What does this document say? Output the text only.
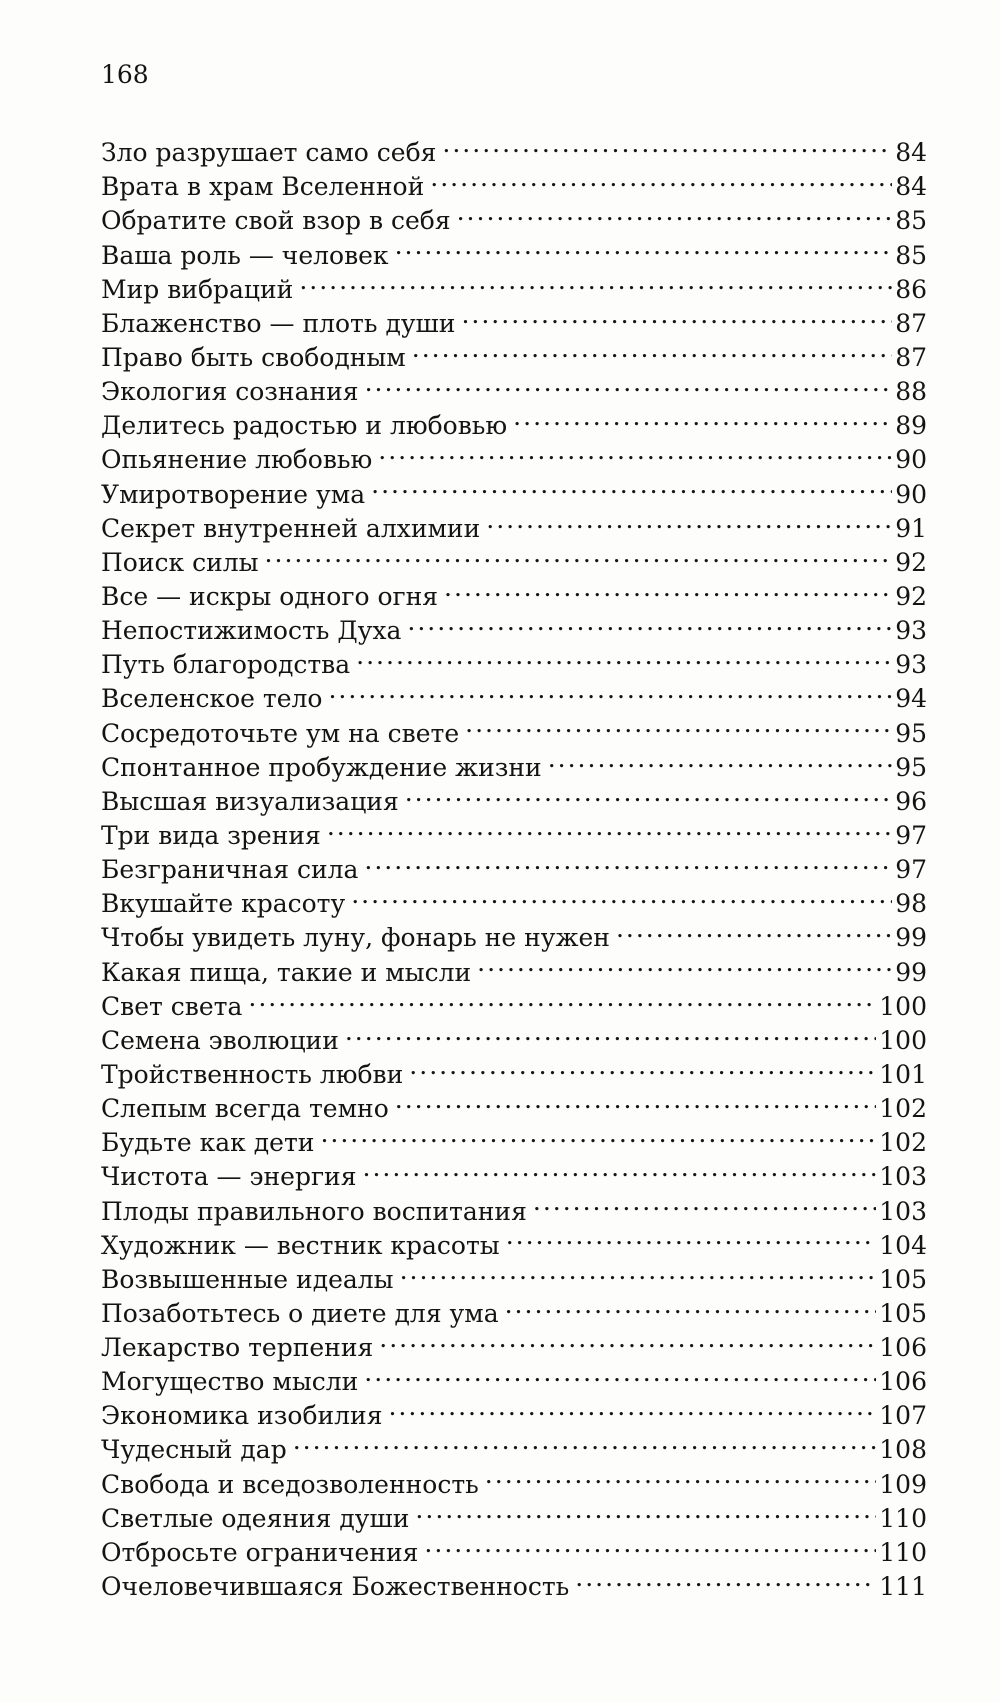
168
Зло разрушает само себя .....	84
Врата в храм Вселенной .....	84
Обратите свой взор в себя .....	85
Ваша роль — человек .....	85
Мир вибраций .....	86
Блаженство — плоть души .....	87
Право быть свободным .....	87
Экология сознания .....	88
Делитесь радостью и любовью .....	89
Опьянение любовью .....	90
Умиротворение ума .....	90
Секрет внутренней алхимии .....	91
Поиск силы .....	92
Все — искры одного огня .....	92
Непостижимость Духа .....	93
Путь благородства .....	93
Вселенское тело .....	94
Сосредоточьте ум на свете .....	95
Спонтанное пробуждение жизни .....	95
Высшая визуализация .....	96
Три вида зрения .....	97
Безграничная сила .....	97
Вкушайте красоту .....	98
Чтобы увидеть луну, фонарь не нужен .....	99
Какая пища, такие и мысли .....	99
Свет света .....	100
Семена эволюции .....	100
Тройственность любви .....	101
Слепым всегда темно .....	102
Будьте как дети .....	102
Чистота — энергия .....	103
Плоды правильного воспитания .....	103
Художник — вестник красоты .....	104
Возвышенные идеалы .....	105
Позаботьтесь о диете для ума .....	105
Лекарство терпения .....	106
Могущество мысли .....	106
Экономика изобилия .....	107
Чудесный дар .....	108
Свобода и вседозволенность .....	109
Светлые одеяния души .....	110
Отбросьте ограничения .....	110
Очеловечившаяся Божественность .....	111
